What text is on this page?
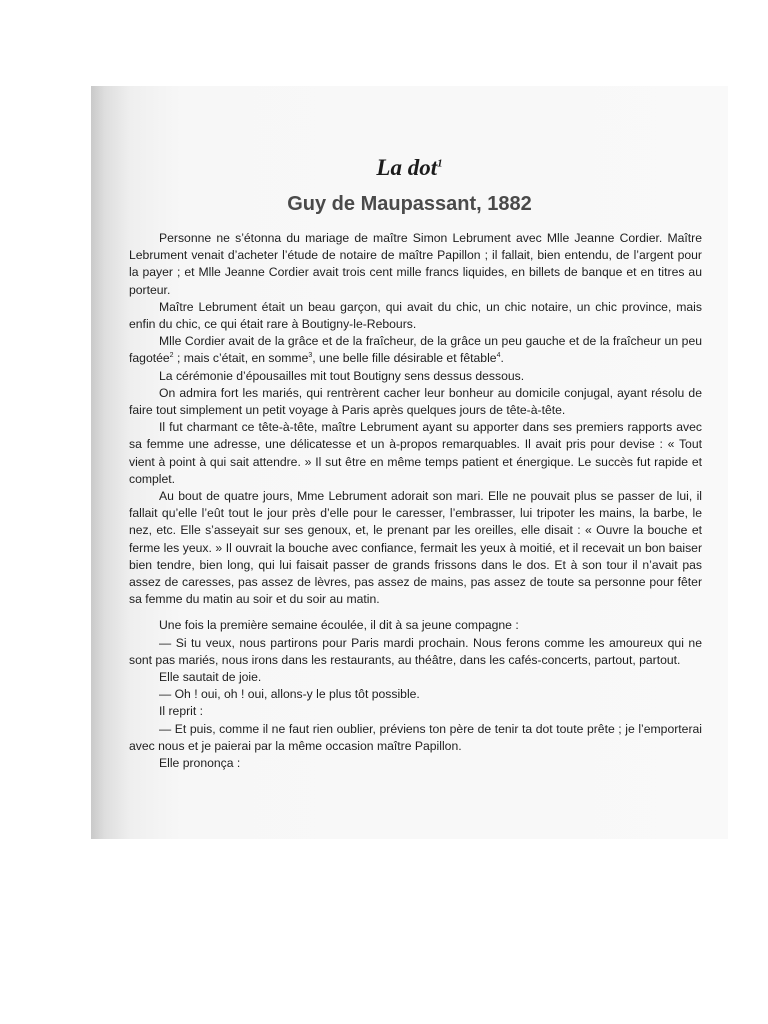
La dot$^1$
Guy de Maupassant, 1882

Personne ne s’étonna du mariage de maître Simon Lebrument avec Mlle Jeanne Cordier. Maître Lebrument venait d’acheter l’étude de notaire de maître Papillon ; il fallait, bien entendu, de l’argent pour la payer ; et Mlle Jeanne Cordier avait trois cent mille francs liquides, en billets de banque et en titres au porteur.

Maître Lebrument était un beau garçon, qui avait du chic, un chic notaire, un chic province, mais enfin du chic, ce qui était rare à Boutigny-le-Rebours.

Mlle Cordier avait de la grâce et de la fraîcheur, de la grâce un peu gauche et de la fraîcheur un peu fagotée$^2$ ; mais c’était, en somme$^3$, une belle fille désirable et fêtable$^4$.

La cérémonie d’épousailles mit tout Boutigny sens dessus dessous.

On admira fort les mariés, qui rentrèrent cacher leur bonheur au domicile conjugal, ayant résolu de faire tout simplement un petit voyage à Paris après quelques jours de tête-à-tête.

Il fut charmant ce tête-à-tête, maître Lebrument ayant su apporter dans ses premiers rapports avec sa femme une adresse, une délicatesse et un à-propos remarquables. Il avait pris pour devise : « Tout vient à point à qui sait attendre. » Il sut être en même temps patient et énergique. Le succès fut rapide et complet.

Au bout de quatre jours, Mme Lebrument adorait son mari. Elle ne pouvait plus se passer de lui, il fallait qu’elle l’eût tout le jour près d’elle pour le caresser, l’embrasser, lui tripoter les mains, la barbe, le nez, etc. Elle s’asseyait sur ses genoux, et, le prenant par les oreilles, elle disait : « Ouvre la bouche et ferme les yeux. » Il ouvrait la bouche avec confiance, fermait les yeux à moitié, et il recevait un bon baiser bien tendre, bien long, qui lui faisait passer de grands frissons dans le dos. Et à son tour il n’avait pas assez de caresses, pas assez de lèvres, pas assez de mains, pas assez de toute sa personne pour fêter sa femme du matin au soir et du soir au matin.

Une fois la première semaine écoulée, il dit à sa jeune compagne :

— Si tu veux, nous partirons pour Paris mardi prochain. Nous ferons comme les amoureux qui ne sont pas mariés, nous irons dans les restaurants, au théâtre, dans les cafés-concerts, partout, partout.

Elle sautait de joie.

— Oh ! oui, oh ! oui, allons-y le plus tôt possible.

Il reprit :

— Et puis, comme il ne faut rien oublier, préviens ton père de tenir ta dot toute prête ; je l’emporterai avec nous et je paierai par la même occasion maître Papillon.

Elle prononça :
